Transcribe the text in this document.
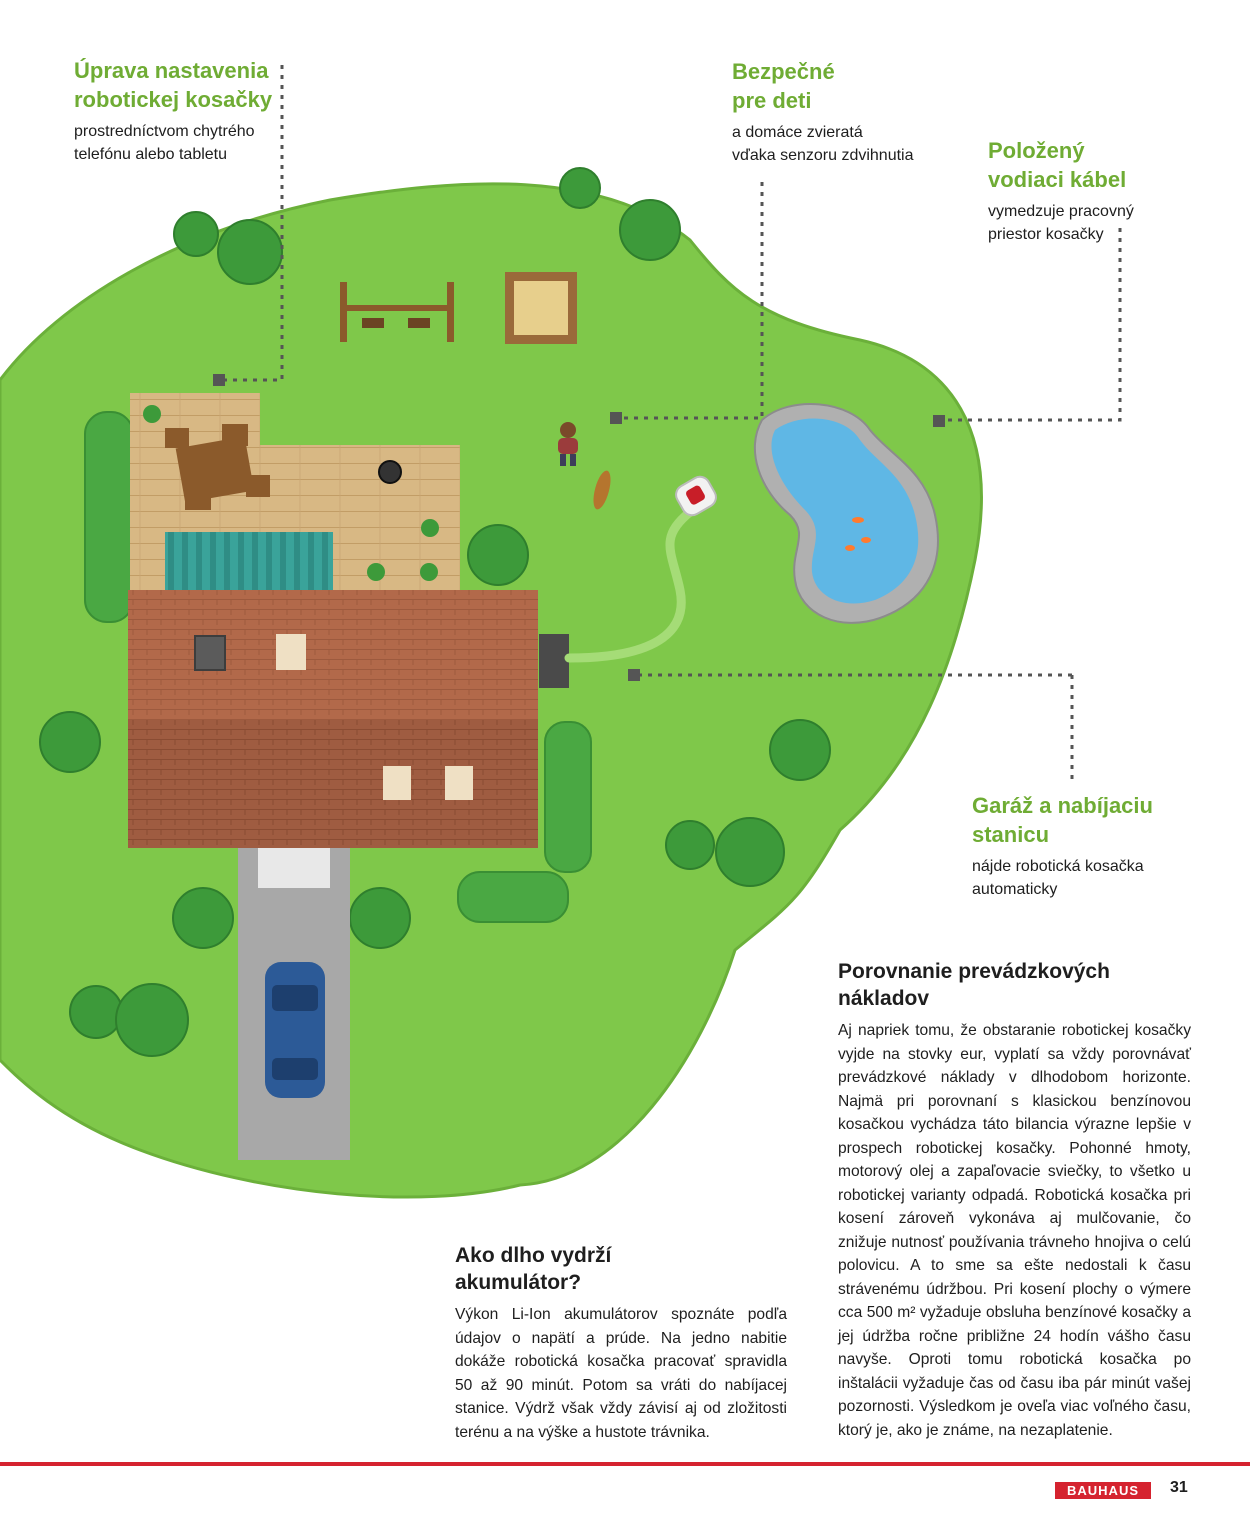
Úprava nastavenia
robotickej kosačky

prostredníctvom chytrého
telefónu alebo tabletu

Bezpečné
pre deti

a domáce zvieratá
vďaka senzoru zdvihnutia	Položený
vodiaci kábel

vymedzuje pracovný
priestor kosačky

Garáž a nabíjaciu
stanicu

nájde robotická kosačka
automaticky

Porovnanie prevádzkových
nákladov

Aj napriek tomu, že obstaranie robotickej kosačky vyjde na stovky eur, vyplatí sa vždy porovnávať prevádzkové náklady v dlhodobom horizonte. Najmä pri porovnaní s klasickou benzínovou kosačkou vychádza táto bilancia výrazne lepšie v prospech robotickej kosačky. Pohonné hmoty, motorový olej a zapaľovacie sviečky, to všetko u robotickej varianty odpadá. Robotická kosačka pri kosení zároveň vykonáva aj mulčovanie, čo znižuje nutnosť používania trávneho hnojiva o celú polovicu. A to sme sa ešte nedostali k času strávenému údržbou. Pri kosení plochy o výmere cca 500 m² vyžaduje obsluha benzínové kosačky a jej údržba ročne približne 24 hodín vášho času navyše. Oproti tomu robotická kosačka po inštalácii vyžaduje čas od času iba pár minút vašej pozornosti. Výsledkom je oveľa viac voľného času, ktorý je, ako je známe, na nezaplatenie.

Ako dlho vydrží
akumulátor?

Výkon Li-Ion akumulátorov spoznáte podľa údajov o napätí a prúde. Na jedno nabitie dokáže robotická kosačka pracovať spravidla 50 až 90 minút. Potom sa vráti do nabíjacej stanice. Výdrž však vždy závisí aj od zložitosti terénu a na výške a hustote trávnika.

BAUHAUS	31
